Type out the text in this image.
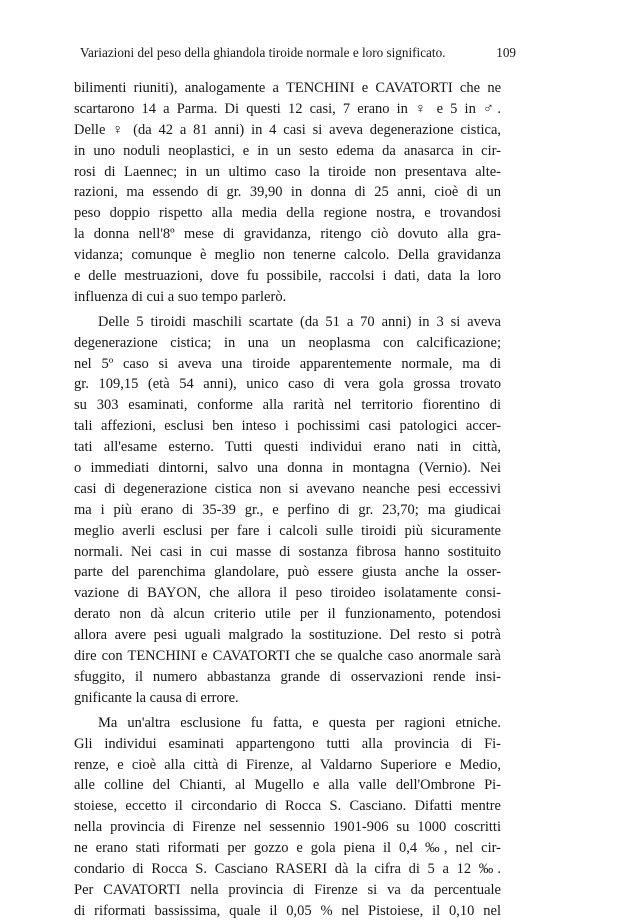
Variazioni del peso della ghiandola tiroide normale e loro significato.	109
bilimenti riuniti), analogamente a TENCHINI e CAVATORTI che ne
scartarono 14 a Parma. Di questi 12 casi, 7 erano in ♀ e 5 in ♂.
Delle ♀ (da 42 a 81 anni) in 4 casi si aveva degenerazione cistica,
in uno noduli neoplastici, e in un sesto edema da anasarca in cir-
rosi di Laennec; in un ultimo caso la tiroide non presentava alte-
razioni, ma essendo di gr. 39,90 in donna di 25 anni, cioè di un
peso doppio rispetto alla media della regione nostra, e trovandosi
la donna nell'8º mese di gravidanza, ritengo ciò dovuto alla gra-
vidanza; comunque è meglio non tenerne calcolo. Della gravidanza
e delle mestruazioni, dove fu possibile, raccolsi i dati, data la loro
influenza di cui a suo tempo parlerò.
Delle 5 tiroidi maschili scartate (da 51 a 70 anni) in 3 si aveva
degenerazione cistica; in una un neoplasma con calcificazione;
nel 5º caso si aveva una tiroide apparentemente normale, ma di
gr. 109,15 (età 54 anni), unico caso di vera gola grossa trovato
su 303 esaminati, conforme alla rarità nel territorio fiorentino di
tali affezioni, esclusi ben inteso i pochissimi casi patologici accer-
tati all'esame esterno. Tutti questi individui erano nati in città,
o immediati dintorni, salvo una donna in montagna (Vernio). Nei
casi di degenerazione cistica non si avevano neanche pesi eccessivi
ma i più erano di 35-39 gr., e perfino di gr. 23,70; ma giudicai
meglio averli esclusi per fare i calcoli sulle tiroidi più sicuramente
normali. Nei casi in cui masse di sostanza fibrosa hanno sostituito
parte del parenchima glandolare, può essere giusta anche la osser-
vazione di BAYON, che allora il peso tiroideo isolatamente consi-
derato non dà alcun criterio utile per il funzionamento, potendosi
allora avere pesi uguali malgrado la sostituzione. Del resto si potrà
dire con TENCHINI e CAVATORTI che se qualche caso anormale sarà
sfuggito, il numero abbastanza grande di osservazioni rende insi-
gnificante la causa di errore.
Ma un'altra esclusione fu fatta, e questa per ragioni etniche.
Gli individui esaminati appartengono tutti alla provincia di Fi-
renze, e cioè alla città di Firenze, al Valdarno Superiore e Medio,
alle colline del Chianti, al Mugello e alla valle dell'Ombrone Pi-
stoiese, eccetto il circondario di Rocca S. Casciano. Difatti mentre
nella provincia di Firenze nel sessennio 1901-906 su 1000 coscritti
ne erano stati riformati per gozzo e gola piena il 0,4 ‰, nel cir-
condario di Rocca S. Casciano RASERI dà la cifra di 5 a 12 ‰.
Per CAVATORTI nella provincia di Firenze si va da percentuale
di riformati bassissima, quale il 0,05 % nel Pistoiese, il 0,10 nel
